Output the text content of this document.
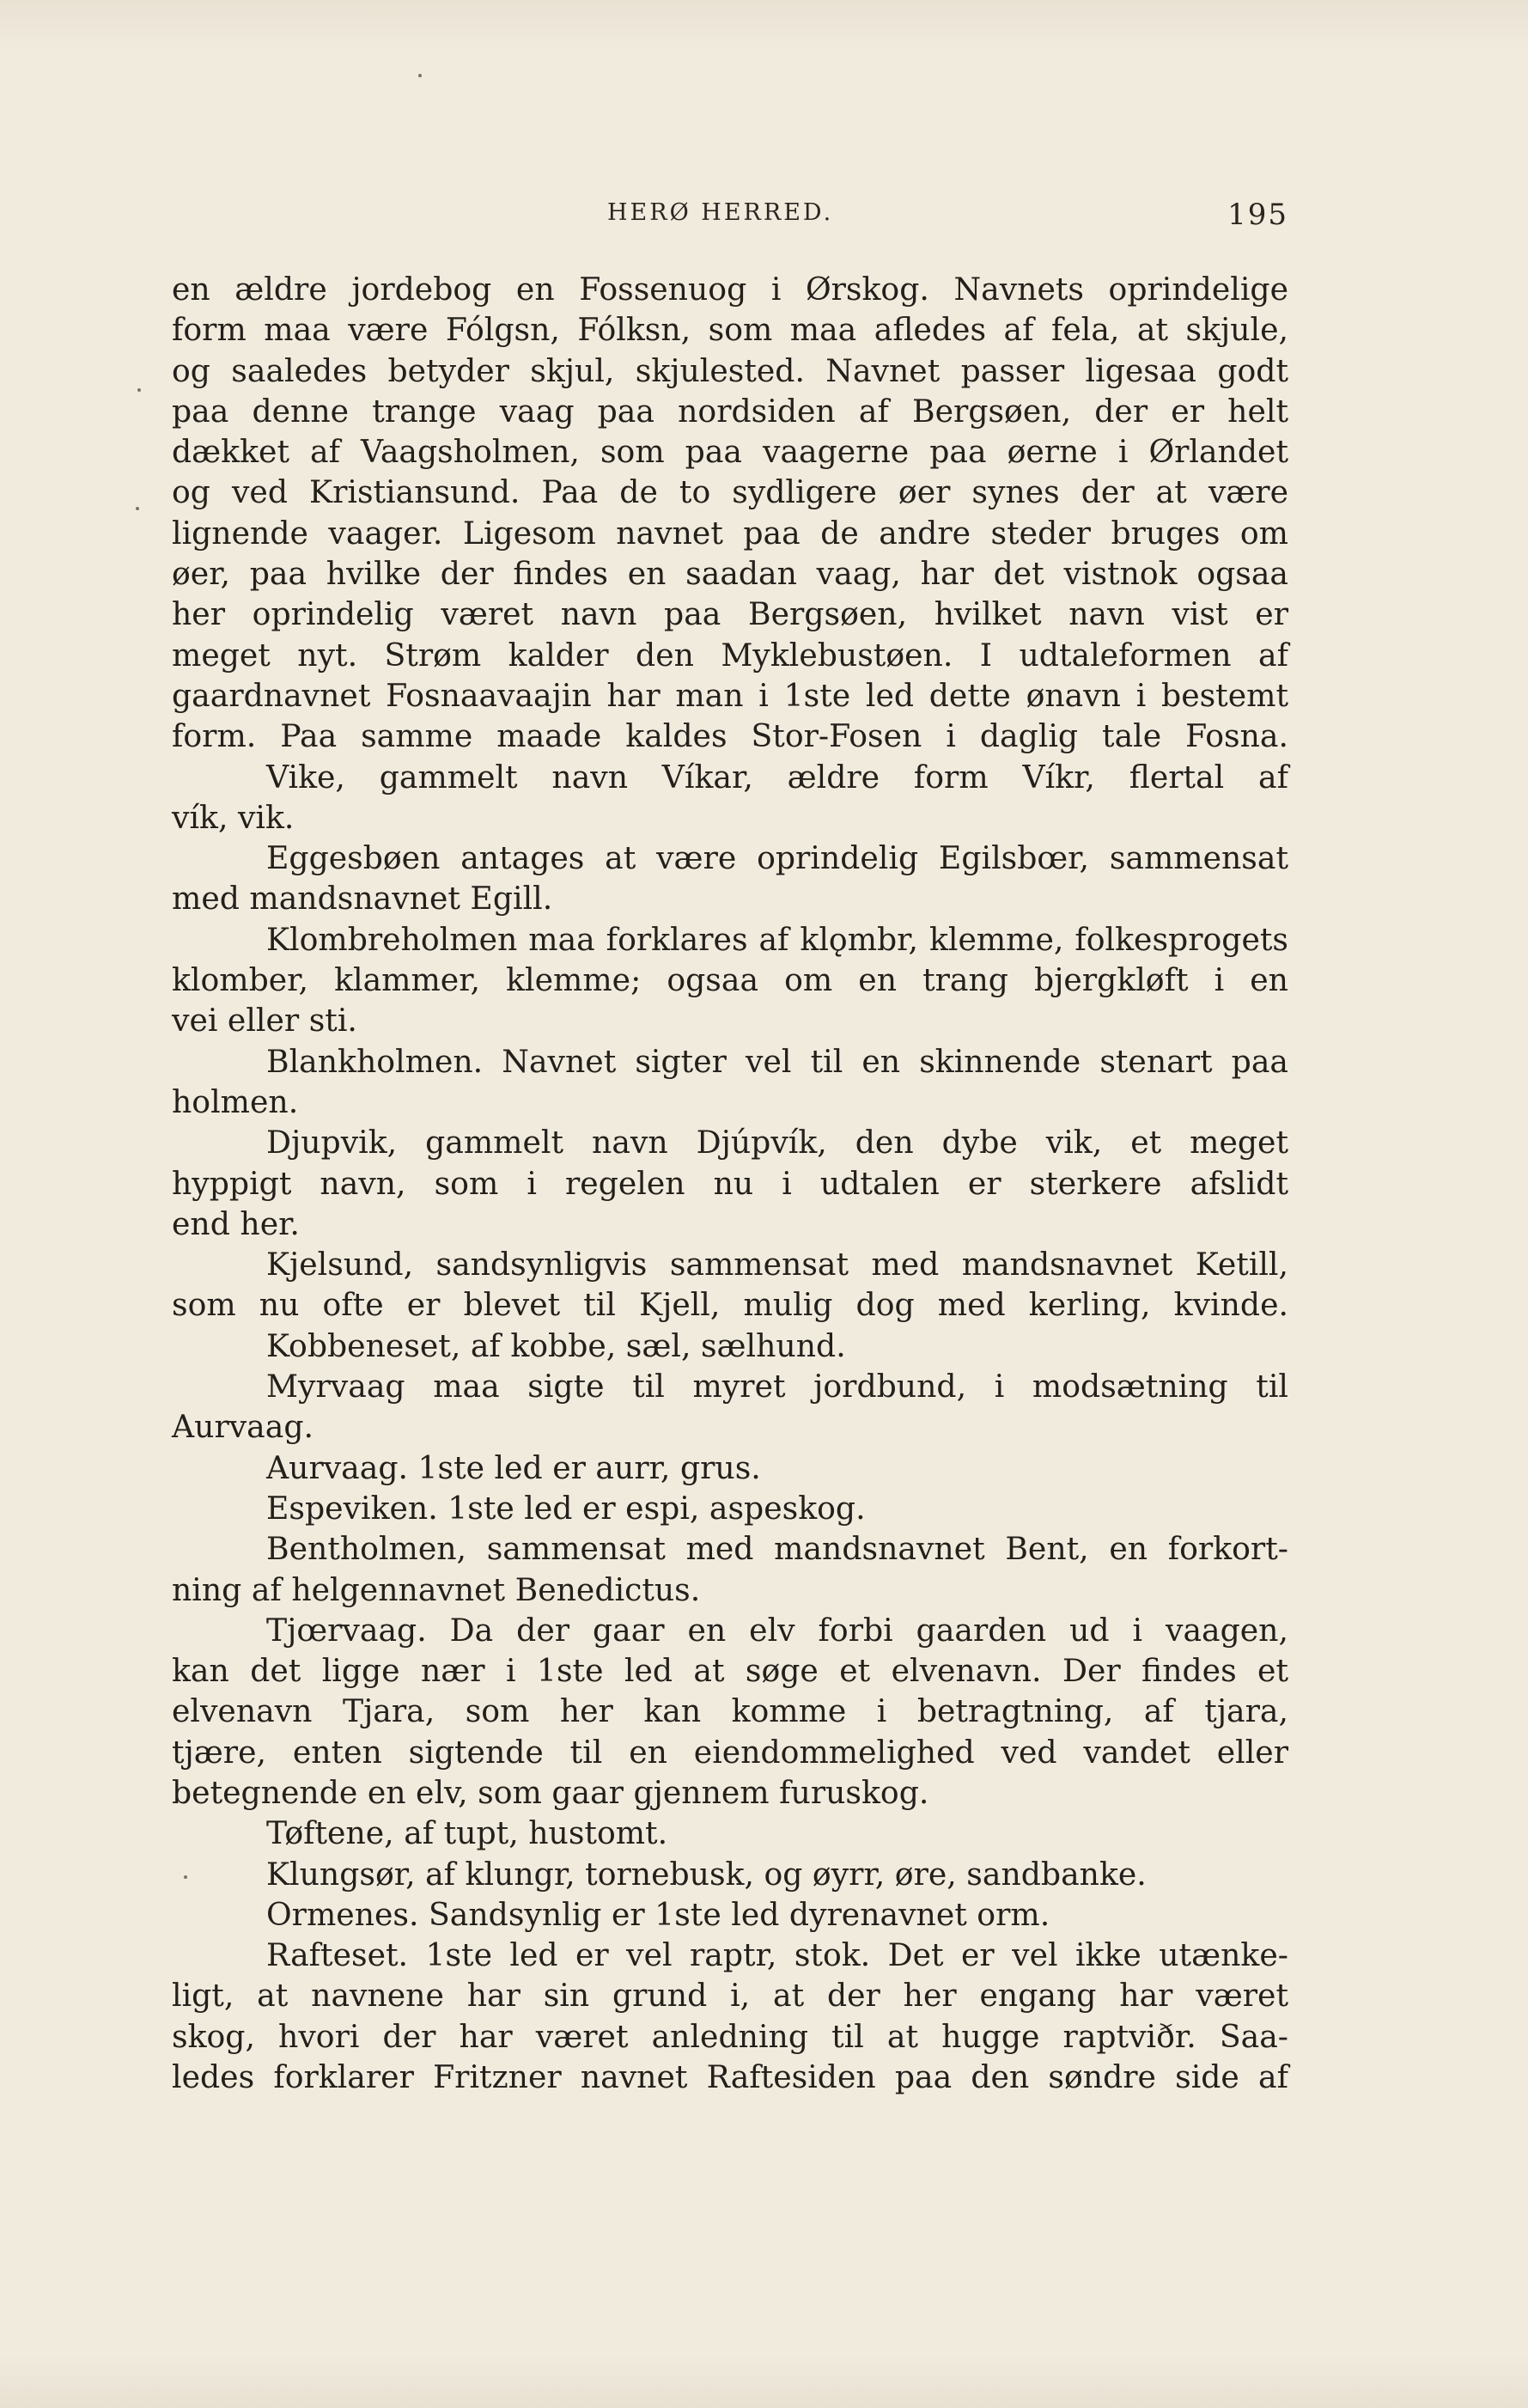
HERØ HERRED.	195
en ældre jordebog en Fossenuog i Ørskog. Navnets oprindelige
form maa være Fólgsn, Fólksn, som maa afledes af fela, at skjule,
og saaledes betyder skjul, skjulested. Navnet passer ligesaa godt
paa denne trange vaag paa nordsiden af Bergsøen, der er helt
dækket af Vaagsholmen, som paa vaagerne paa øerne i Ørlandet
og ved Kristiansund. Paa de to sydligere øer synes der at være
lignende vaager. Ligesom navnet paa de andre steder bruges om
øer, paa hvilke der findes en saadan vaag, har det vistnok ogsaa
her oprindelig været navn paa Bergsøen, hvilket navn vist er
meget nyt. Strøm kalder den Myklebustøen. I udtaleformen af
gaardnavnet Fosnaavaajin har man i 1ste led dette ønavn i bestemt
form. Paa samme maade kaldes Stor-Fosen i daglig tale Fosna.
Vike, gammelt navn Víkar, ældre form Víkr, flertal af
vík, vik.
Eggesbøen antages at være oprindelig Egilsbœr, sammensat
med mandsnavnet Egill.
Klombreholmen maa forklares af klǫmbr, klemme, folkesprogets
klomber, klammer, klemme; ogsaa om en trang bjergkløft i en
vei eller sti.
Blankholmen. Navnet sigter vel til en skinnende stenart paa
holmen.
Djupvik, gammelt navn Djúpvík, den dybe vik, et meget
hyppigt navn, som i regelen nu i udtalen er sterkere afslidt
end her.
Kjelsund, sandsynligvis sammensat med mandsnavnet Ketill,
som nu ofte er blevet til Kjell, mulig dog med kerling, kvinde.
Kobbeneset, af kobbe, sæl, sælhund.
Myrvaag maa sigte til myret jordbund, i modsætning til
Aurvaag.
Aurvaag. 1ste led er aurr, grus.
Espeviken. 1ste led er espi, aspeskog.
Bentholmen, sammensat med mandsnavnet Bent, en forkort-
ning af helgennavnet Benedictus.
Tjœrvaag. Da der gaar en elv forbi gaarden ud i vaagen,
kan det ligge nær i 1ste led at søge et elvenavn. Der findes et
elvenavn Tjara, som her kan komme i betragtning, af tjara,
tjære, enten sigtende til en eiendommelighed ved vandet eller
betegnende en elv, som gaar gjennem furuskog.
Tøftene, af tupt, hustomt.
Klungsør, af klungr, tornebusk, og øyrr, øre, sandbanke.
Ormenes. Sandsynlig er 1ste led dyrenavnet orm.
Rafteset. 1ste led er vel raptr, stok. Det er vel ikke utænke-
ligt, at navnene har sin grund i, at der her engang har været
skog, hvori der har været anledning til at hugge raptviðr. Saa-
ledes forklarer Fritzner navnet Raftesiden paa den søndre side af
